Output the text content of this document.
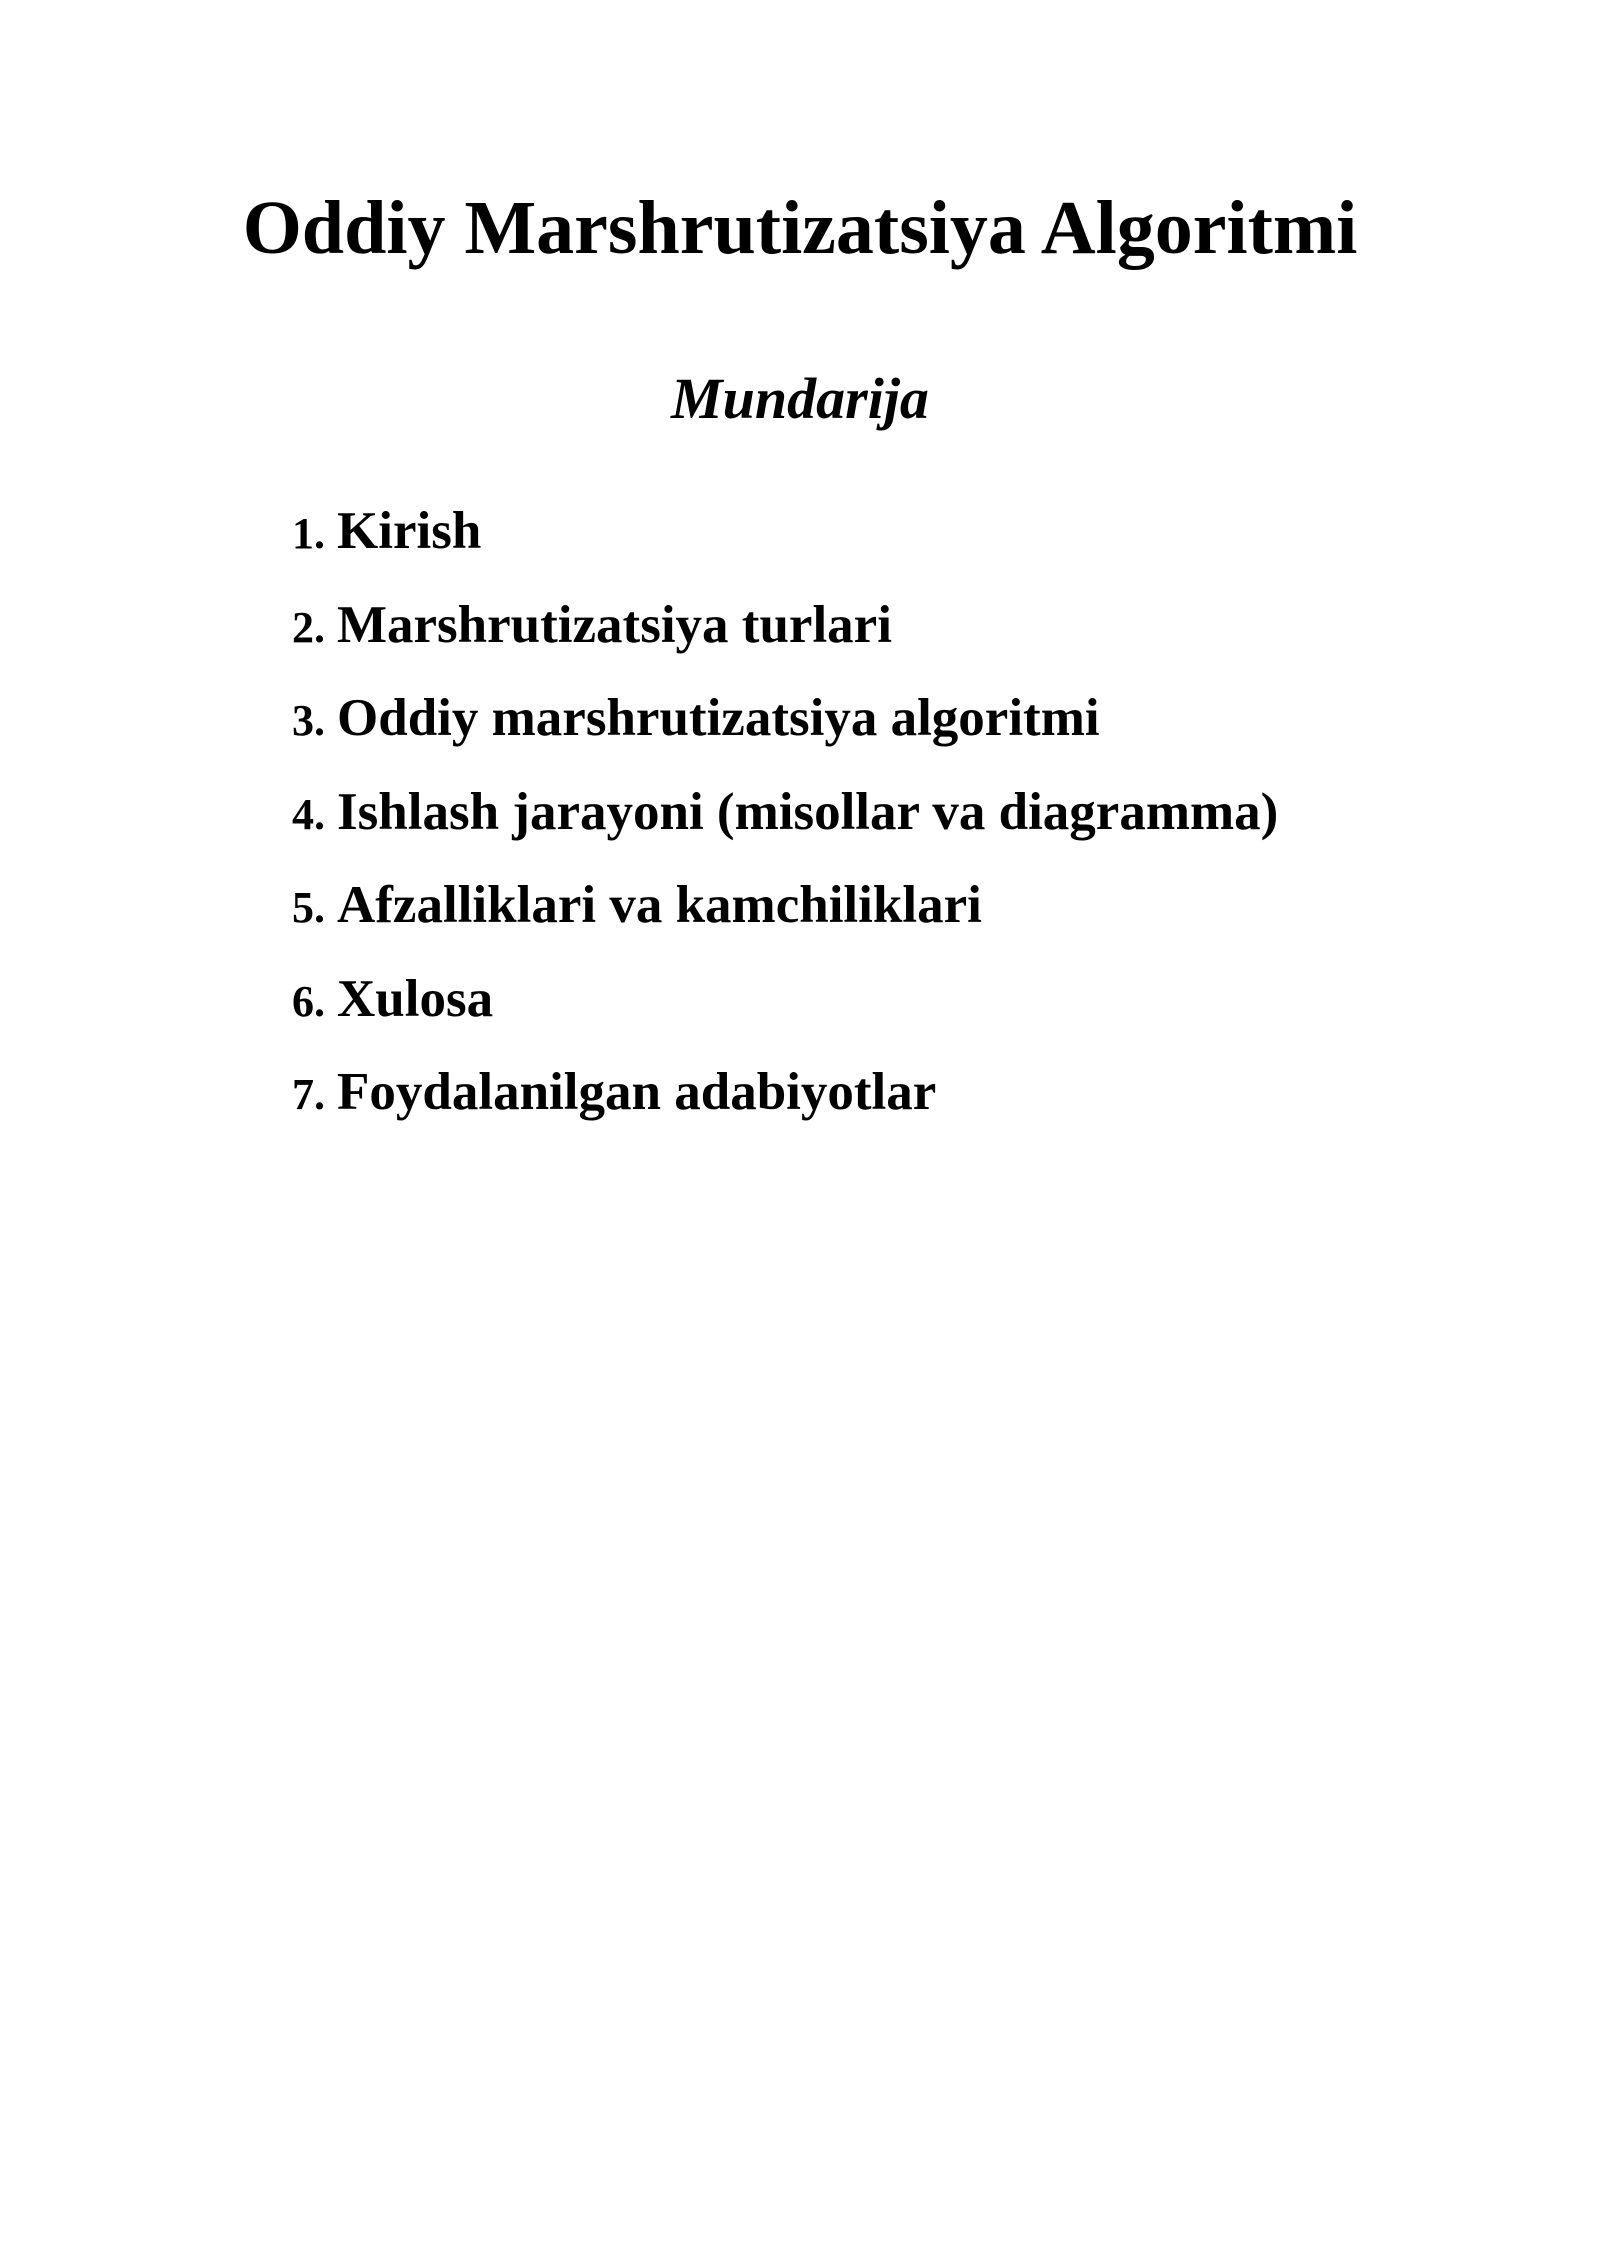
Oddiy Marshrutizatsiya Algoritmi
Mundarija
1. Kirish
2. Marshrutizatsiya turlari
3. Oddiy marshrutizatsiya algoritmi
4. Ishlash jarayoni (misollar va diagramma)
5. Afzalliklari va kamchiliklari
6. Xulosa
7. Foydalanilgan adabiyotlar
